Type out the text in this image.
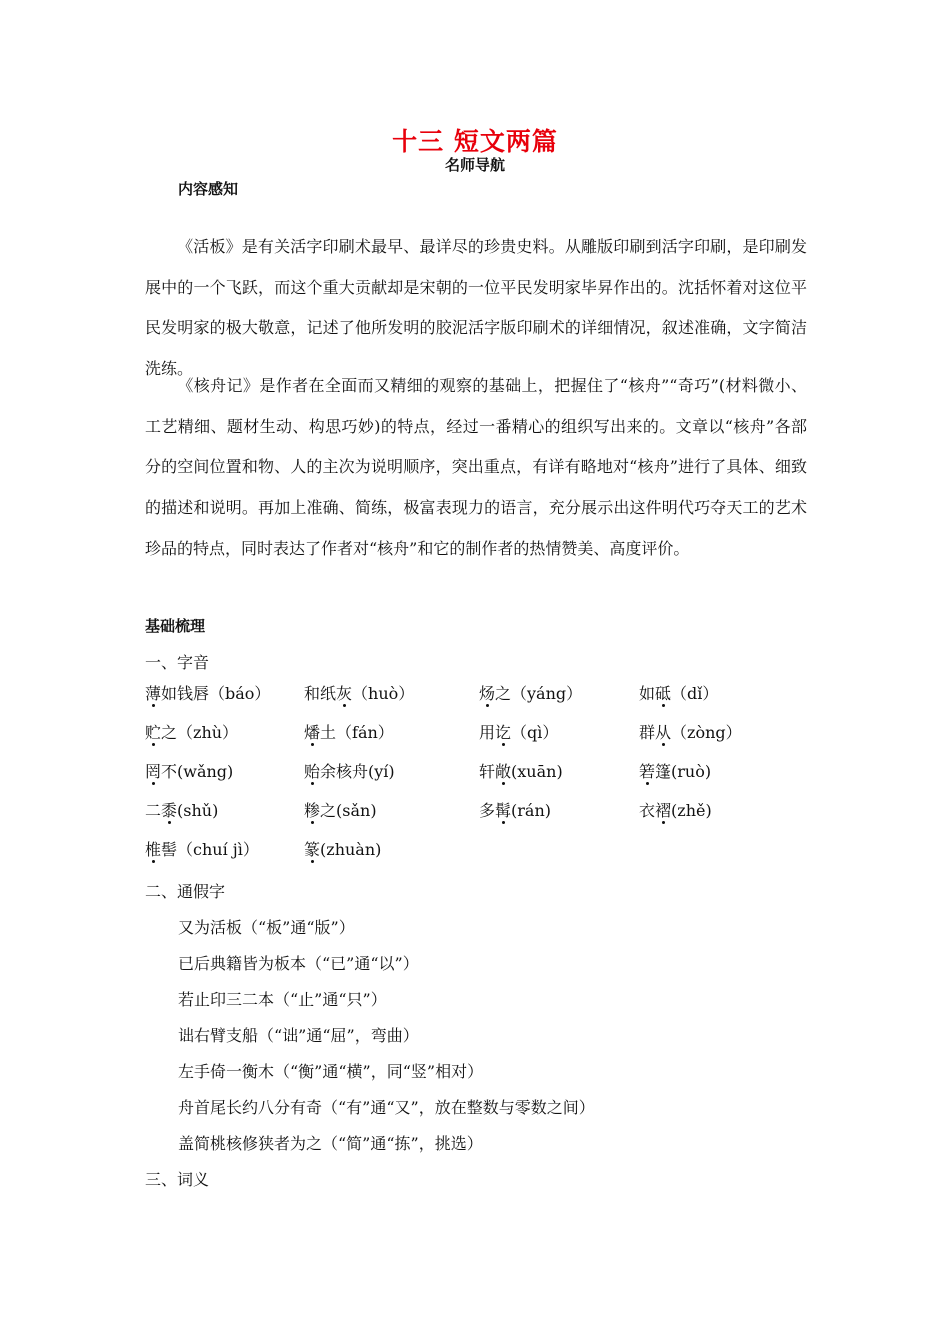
十三 短文两篇
名师导航
内容感知

《活板》是有关活字印刷术最早、最详尽的珍贵史料。从雕版印刷到活字印刷，是印刷发展中的一个飞跃，而这个重大贡献却是宋朝的一位平民发明家毕昇作出的。沈括怀着对这位平民发明家的极大敬意，记述了他所发明的胶泥活字版印刷术的详细情况，叙述准确，文字简洁洗练。

《核舟记》是作者在全面而又精细的观察的基础上，把握住了“核舟”“奇巧”(材料微小、工艺精细、题材生动、构思巧妙)的特点，经过一番精心的组织写出来的。文章以“核舟”各部分的空间位置和物、人的主次为说明顺序，突出重点，有详有略地对“核舟”进行了具体、细致的描述和说明。再加上准确、简练，极富表现力的语言，充分展示出这件明代巧夺天工的艺术珍品的特点，同时表达了作者对“核舟”和它的制作者的热情赞美、高度评价。

基础梳理
一、字音
薄如钱唇（báo） 和纸灰（huò）	炀之（yáng）	如砥（dǐ）
贮之（zhù）	燔土（fán）	用讫（qì）	群从（zòng）
罔不(wǎng)	贻余核舟(yí)	轩敞(xuān)	箬篷(ruò)
二黍(shǔ)	糁之(sǎn)	多髯(rán)	衣褶(zhě)
椎髻（chuí jì）	篆(zhuàn)
二、通假字
又为活板（“板”通“版”）
已后典籍皆为板本（“已”通“以”）
若止印三二本（“止”通“只”）
诎右臂支船（“诎”通“屈”，弯曲）
左手倚一衡木（“衡”通“横”，同“竖”相对）
舟首尾长约八分有奇（“有”通“又”，放在整数与零数之间）
盖简桃核修狭者为之（“简”通“拣”，挑选）
三、词义
